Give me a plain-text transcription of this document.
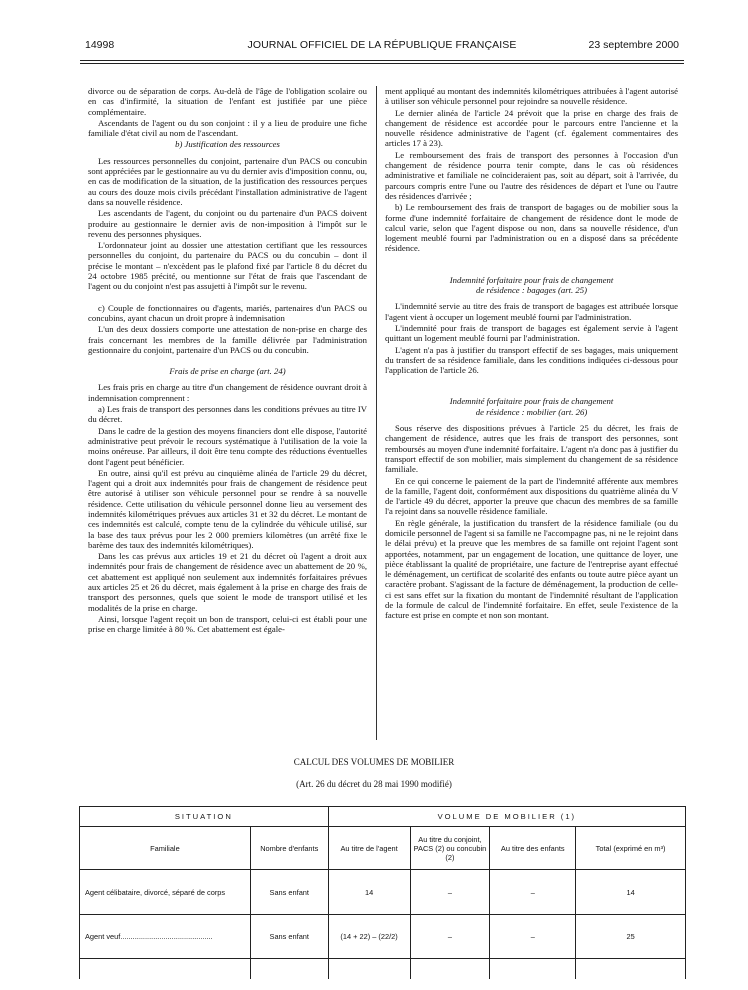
14998	JOURNAL OFFICIEL DE LA RÉPUBLIQUE FRANÇAISE	23 septembre 2000

divorce ou de séparation de corps. Au-delà de l'âge de l'obligation scolaire ou en cas d'infirmité, la situation de l'enfant est justifiée par une pièce complémentaire.

Ascendants de l'agent ou du son conjoint : il y a lieu de produire une fiche familiale d'état civil au nom de l'ascendant.

b) Justification des ressources

Les ressources personnelles du conjoint, partenaire d'un PACS ou concubin sont appréciées par le gestionnaire au vu du dernier avis d'imposition connu, ou, en cas de modification de la situation, de la justification des ressources perçues au cours des douze mois civils précédant l'installation administrative de l'agent dans sa nouvelle résidence.

Les ascendants de l'agent, du conjoint ou du partenaire d'un PACS doivent produire au gestionnaire le dernier avis de non-imposition à l'impôt sur le revenu des personnes physiques.

L'ordonnateur joint au dossier une attestation certifiant que les ressources personnelles du conjoint, du partenaire du PACS ou du concubin – dont il précise le montant – n'excèdent pas le plafond fixé par l'article 8 du décret du 24 octobre 1985 précité, ou mentionne sur l'état de frais que l'ascendant de l'agent ou du conjoint n'est pas assujetti à l'impôt sur le revenu.

c) Couple de fonctionnaires ou d'agents, mariés, partenaires d'un PACS ou concubins, ayant chacun un droit propre à indemnisation

L'un des deux dossiers comporte une attestation de non-prise en charge des frais concernant les membres de la famille délivrée par l'administration gestionnaire du conjoint, partenaire d'un PACS ou du concubin.

Frais de prise en charge (art. 24)

Les frais pris en charge au titre d'un changement de résidence ouvrant droit à indemnisation comprennent :

a) Les frais de transport des personnes dans les conditions prévues au titre IV du décret.

Dans le cadre de la gestion des moyens financiers dont elle dispose, l'autorité administrative peut prévoir le recours systématique à l'utilisation de la voie la moins onéreuse. Par ailleurs, il doit être tenu compte des réductions éventuelles dont l'agent peut bénéficier.

En outre, ainsi qu'il est prévu au cinquième alinéa de l'article 29 du décret, l'agent qui a droit aux indemnités pour frais de changement de résidence peut être autorisé à utiliser son véhicule personnel pour se rendre à sa nouvelle résidence. Cette utilisation du véhicule personnel donne lieu au versement des indemnités kilométriques prévues aux articles 31 et 32 du décret. Le montant de ces indemnités est calculé, compte tenu de la cylindrée du véhicule utilisé, sur la base des taux prévus pour les 2 000 premiers kilomètres (un arrêté fixe le barème des taux des indemnités kilométriques).

Dans les cas prévus aux articles 19 et 21 du décret où l'agent a droit aux indemnités pour frais de changement de résidence avec un abattement de 20 %, cet abattement est appliqué non seulement aux indemnités forfaitaires prévues aux articles 25 et 26 du décret, mais également à la prise en charge des frais de transport des personnes, quels que soient le mode de transport utilisé et les modalités de la prise en charge.

Ainsi, lorsque l'agent reçoit un bon de transport, celui-ci est établi pour une prise en charge limitée à 80 %. Cet abattement est égale-

ment appliqué au montant des indemnités kilométriques attribuées à l'agent autorisé à utiliser son véhicule personnel pour rejoindre sa nouvelle résidence.

Le dernier alinéa de l'article 24 prévoit que la prise en charge des frais de changement de résidence est accordée pour le parcours entre l'ancienne et la nouvelle résidence administrative de l'agent (cf. également commentaires des articles 17 à 23).

Le remboursement des frais de transport des personnes à l'occasion d'un changement de résidence pourra tenir compte, dans le cas où résidences administrative et familiale ne coïncideraient pas, soit au départ, soit à l'arrivée, du parcours compris entre l'une ou l'autre des résidences de départ et l'une ou l'autre des résidences d'arrivée ;

b) Le remboursement des frais de transport de bagages ou de mobilier sous la forme d'une indemnité forfaitaire de changement de résidence dont le mode de calcul varie, selon que l'agent dispose ou non, dans sa nouvelle résidence, d'un logement meublé fourni par l'administration ou en a disposé dans sa précédente résidence.

Indemnité forfaitaire pour frais de changement
de résidence : bagages (art. 25)

L'indemnité servie au titre des frais de transport de bagages est attribuée lorsque l'agent vient à occuper un logement meublé fourni par l'administration.

L'indemnité pour frais de transport de bagages est également servie à l'agent quittant un logement meublé fourni par l'administration.

L'agent n'a pas à justifier du transport effectif de ses bagages, mais uniquement du transfert de sa résidence familiale, dans les conditions indiquées ci-dessous pour l'application de l'article 26.

Indemnité forfaitaire pour frais de changement
de résidence : mobilier (art. 26)

Sous réserve des dispositions prévues à l'article 25 du décret, les frais de changement de résidence, autres que les frais de transport des personnes, sont remboursés au moyen d'une indemnité forfaitaire. L'agent n'a donc pas à justifier du transport effectif de son mobilier, mais simplement du changement de sa résidence familiale.

En ce qui concerne le paiement de la part de l'indemnité afférente aux membres de la famille, l'agent doit, conformément aux dispositions du quatrième alinéa du V de l'article 49 du décret, apporter la preuve que chacun des membres de sa famille l'a rejoint dans sa nouvelle résidence familiale.

En règle générale, la justification du transfert de la résidence familiale (ou du domicile personnel de l'agent si sa famille ne l'accompagne pas, ni ne le rejoint dans le délai prévu) et la preuve que les membres de sa famille ont rejoint l'agent sont apportées, notamment, par un engagement de location, une quittance de loyer, une pièce établissant la qualité de propriétaire, une facture de l'entreprise ayant effectué le déménagement, un certificat de scolarité des enfants ou toute autre pièce ayant un caractère probant. S'agissant de la facture de déménagement, la production de celle-ci est sans effet sur la fixation du montant de l'indemnité résultant de l'application de la formule de calcul de l'indemnité forfaitaire. En effet, seule l'existence de la facture est prise en compte et non son montant.

CALCUL DES VOLUMES DE MOBILIER
(Art. 26 du décret du 28 mai 1990 modifié)
SITUATION		VOLUME DE MOBILIER (1)			
Familiale	Nombre d'enfants	Au titre de l'agent	Au titre du conjoint, PACS (2) ou concubin (2)	Au titre des enfants	Total (exprimé en m³)
Agent célibataire, divorcé, séparé de corps	Sans enfant	14	–	–	14
Agent veuf.............................................	Sans enfant	(14 + 22) – (22/2)	–	–	25
